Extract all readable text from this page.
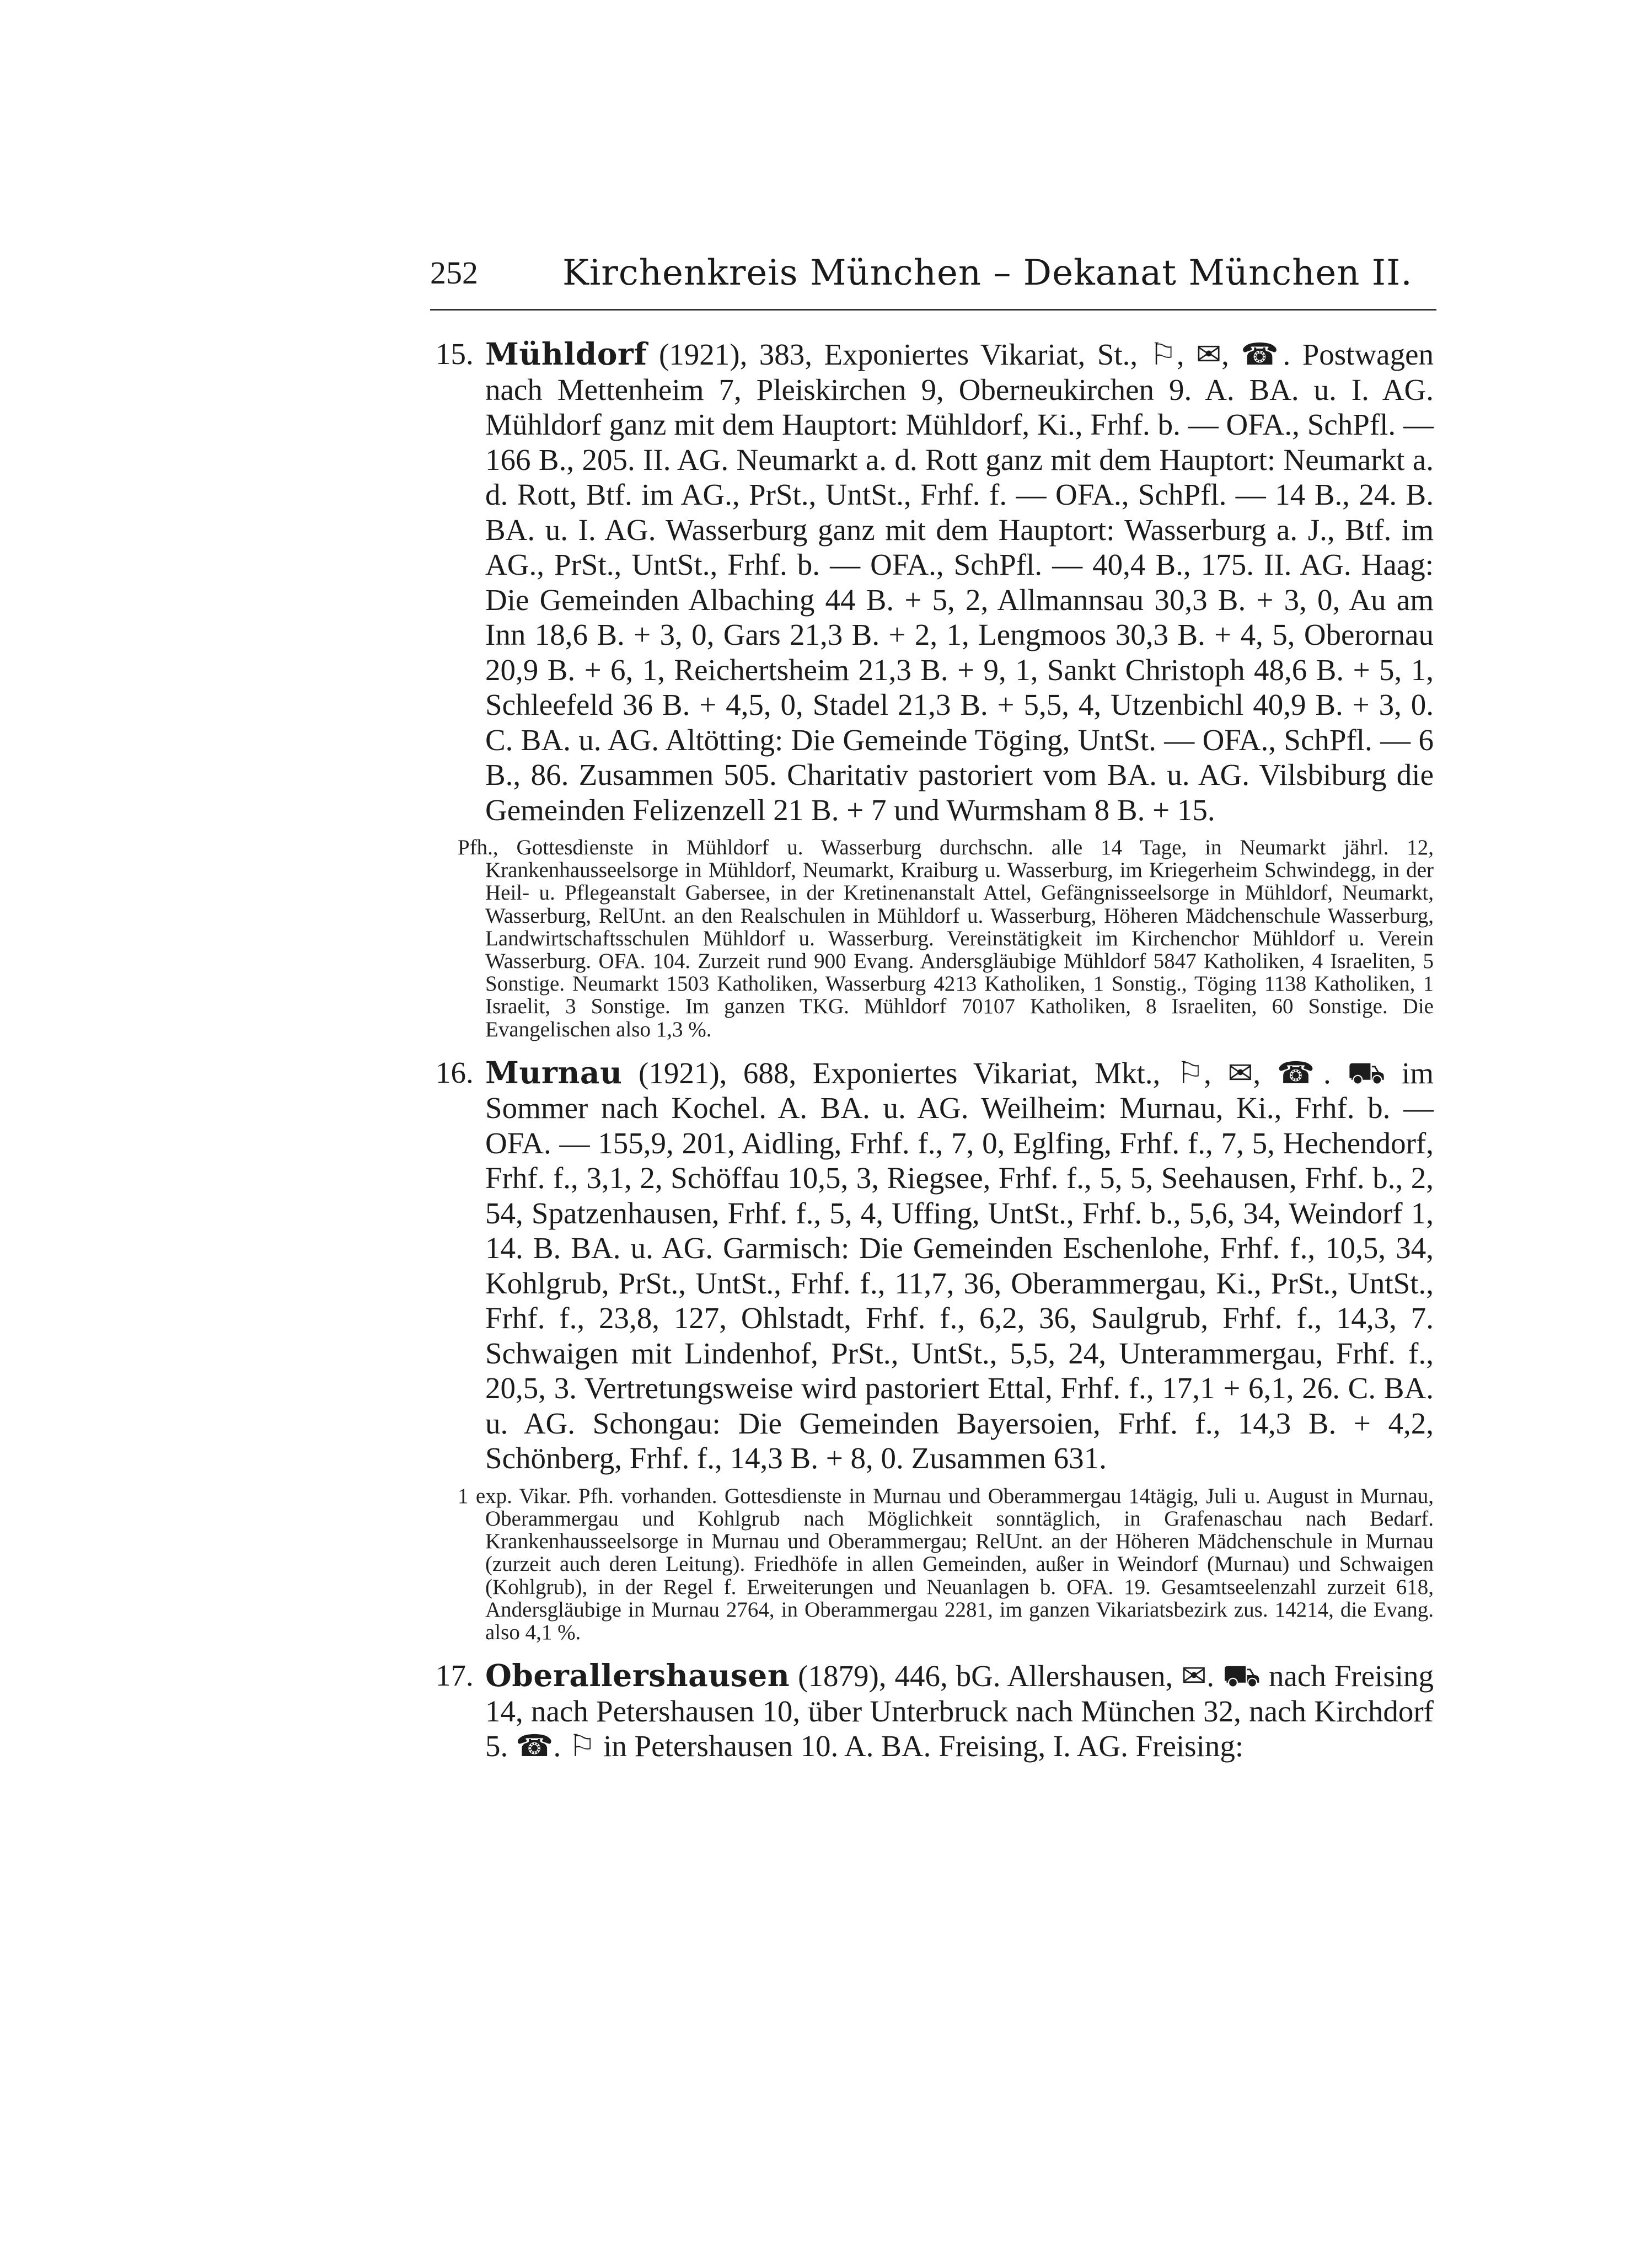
252 Kirchenkreis München – Dekanat München II.
15. Mühldorf (1921), 383, Exponiertes Vikariat, St., ⚐, ✉, ☎. Postwagen nach Mettenheim 7, Pleiskirchen 9, Oberneukirchen 9. A. BA. u. I. AG. Mühldorf ganz mit dem Hauptort: Mühldorf, Ki., Frhf. b. — OFA., SchPfl. — 166 B., 205. II. AG. Neumarkt a. d. Rott ganz mit dem Hauptort: Neumarkt a. d. Rott, Btf. im AG., PrSt., UntSt., Frhf. f. — OFA., SchPfl. — 14 B., 24. B. BA. u. I. AG. Wasserburg ganz mit dem Hauptort: Wasserburg a. J., Btf. im AG., PrSt., UntSt., Frhf. b. — OFA., SchPfl. — 40,4 B., 175. II. AG. Haag: Die Gemeinden Albaching 44 B. + 5, 2, Allmannsau 30,3 B. + 3, 0, Au am Inn 18,6 B. + 3, 0, Gars 21,3 B. + 2, 1, Lengmoos 30,3 B. + 4, 5, Oberornau 20,9 B. + 6, 1, Reichertsheim 21,3 B. + 9, 1, Sankt Christoph 48,6 B. + 5, 1, Schleefeld 36 B. + 4,5, 0, Stadel 21,3 B. + 5,5, 4, Utzenbichl 40,9 B. + 3, 0. C. BA. u. AG. Altötting: Die Gemeinde Töging, UntSt. — OFA., SchPfl. — 6 B., 86. Zusammen 505. Charitativ pastoriert vom BA. u. AG. Vilsbiburg die Gemeinden Felizenzell 21 B. + 7 und Wurmsham 8 B. + 15.
Pfh., Gottesdienste in Mühldorf u. Wasserburg durchschn. alle 14 Tage, in Neumarkt jährl. 12, Krankenhausseelsorge in Mühldorf, Neumarkt, Kraiburg u. Wasserburg, im Kriegerheim Schwindegg, in der Heil- u. Pflegeanstalt Gabersee, in der Kretinenanstalt Attel, Gefängnisseelsorge in Mühldorf, Neumarkt, Wasserburg, RelUnt. an den Realschulen in Mühldorf u. Wasserburg, Höheren Mädchenschule Wasserburg, Landwirtschaftsschulen Mühldorf u. Wasserburg. Vereinstätigkeit im Kirchenchor Mühldorf u. Verein Wasserburg. OFA. 104. Zurzeit rund 900 Evang. Andersgläubige Mühldorf 5847 Katholiken, 4 Israeliten, 5 Sonstige. Neumarkt 1503 Katholiken, Wasserburg 4213 Katholiken, 1 Sonstig., Töging 1138 Katholiken, 1 Israelit, 3 Sonstige. Im ganzen TKG. Mühldorf 70107 Katholiken, 8 Israeliten, 60 Sonstige. Die Evangelischen also 1,3 %.
16. Murnau (1921), 688, Exponiertes Vikariat, Mkt., ⚐, ✉, ☎. ⛟ im Sommer nach Kochel. A. BA. u. AG. Weilheim: Murnau, Ki., Frhf. b. — OFA. — 155,9, 201, Aidling, Frhf. f., 7, 0, Eglfing, Frhf. f., 7, 5, Hechendorf, Frhf. f., 3,1, 2, Schöffau 10,5, 3, Riegsee, Frhf. f., 5, 5, Seehausen, Frhf. b., 2, 54, Spatzenhausen, Frhf. f., 5, 4, Uffing, UntSt., Frhf. b., 5,6, 34, Weindorf 1, 14. B. BA. u. AG. Garmisch: Die Gemeinden Eschenlohe, Frhf. f., 10,5, 34, Kohlgrub, PrSt., UntSt., Frhf. f., 11,7, 36, Oberammergau, Ki., PrSt., UntSt., Frhf. f., 23,8, 127, Ohlstadt, Frhf. f., 6,2, 36, Saulgrub, Frhf. f., 14,3, 7. Schwaigen mit Lindenhof, PrSt., UntSt., 5,5, 24, Unterammergau, Frhf. f., 20,5, 3. Vertretungsweise wird pastoriert Ettal, Frhf. f., 17,1 + 6,1, 26. C. BA. u. AG. Schongau: Die Gemeinden Bayersoien, Frhf. f., 14,3 B. + 4,2, Schönberg, Frhf. f., 14,3 B. + 8, 0. Zusammen 631.
1 exp. Vikar. Pfh. vorhanden. Gottesdienste in Murnau und Oberammergau 14tägig, Juli u. August in Murnau, Oberammergau und Kohlgrub nach Möglichkeit sonntäglich, in Grafenaschau nach Bedarf. Krankenhausseelsorge in Murnau und Oberammergau; RelUnt. an der Höheren Mädchenschule in Murnau (zurzeit auch deren Leitung). Friedhöfe in allen Gemeinden, außer in Weindorf (Murnau) und Schwaigen (Kohlgrub), in der Regel f. Erweiterungen und Neuanlagen b. OFA. 19. Gesamtseelenzahl zurzeit 618, Andersgläubige in Murnau 2764, in Oberammergau 2281, im ganzen Vikariatsbezirk zus. 14214, die Evang. also 4,1 %.
17. Oberallershausen (1879), 446, bG. Allershausen, ✉. ⛟ nach Freising 14, nach Petershausen 10, über Unterbruck nach München 32, nach Kirchdorf 5. ☎. ⚐ in Petershausen 10. A. BA. Freising, I. AG. Freising:
